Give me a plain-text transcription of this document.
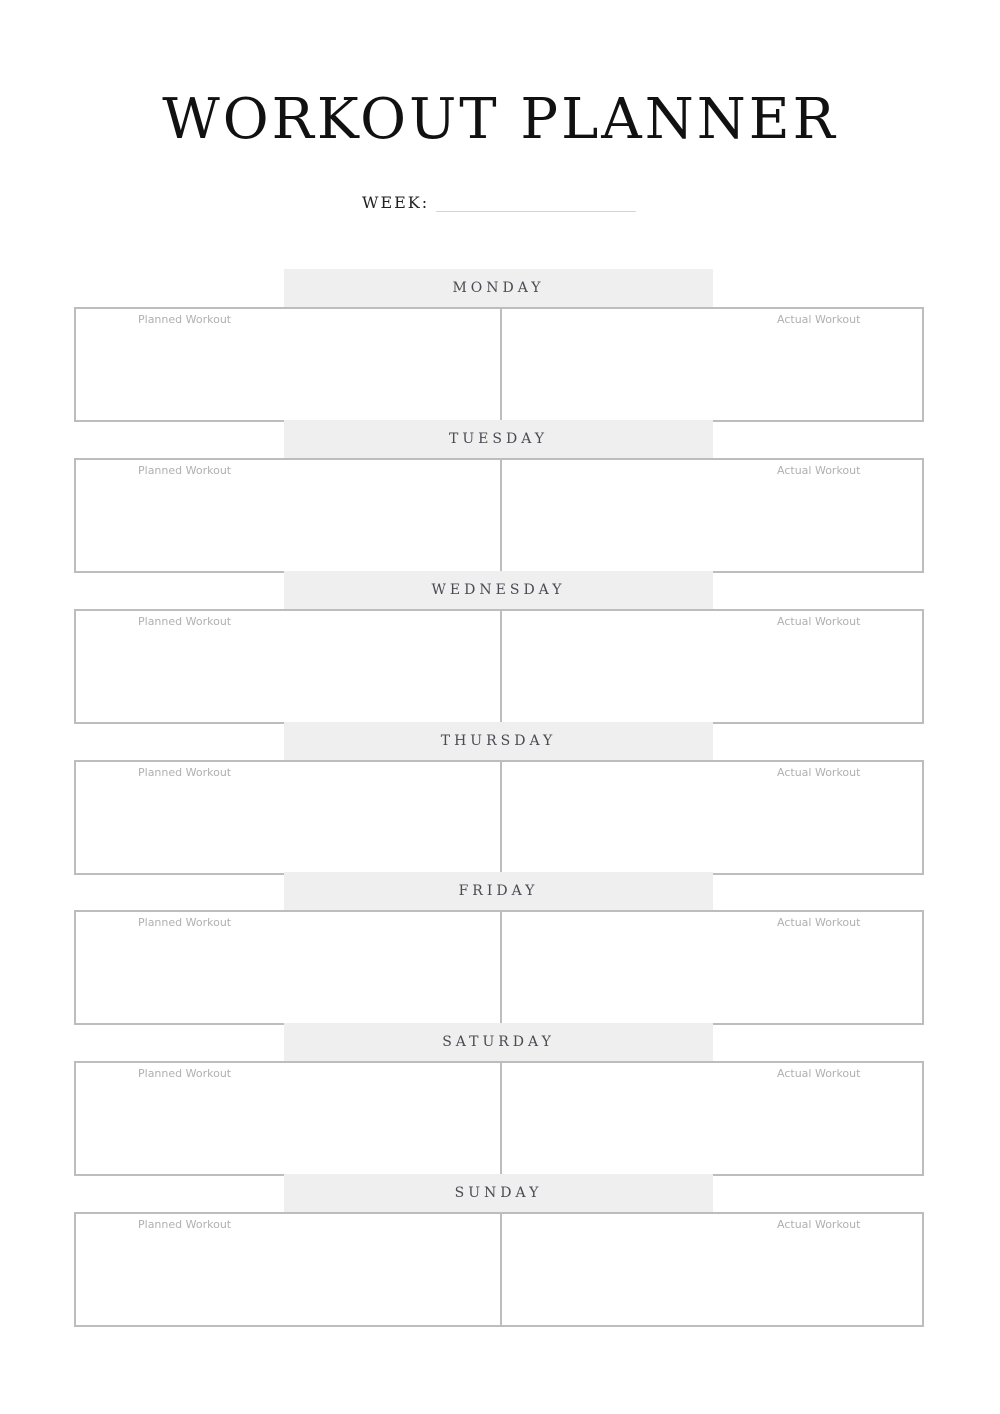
WORKOUT PLANNER
WEEK:
MONDAY
Planned Workout	Actual Workout
TUESDAY
Planned Workout	Actual Workout
WEDNESDAY
Planned Workout	Actual Workout
THURSDAY
Planned Workout	Actual Workout
FRIDAY
Planned Workout	Actual Workout
SATURDAY
Planned Workout	Actual Workout
SUNDAY
Planned Workout	Actual Workout
